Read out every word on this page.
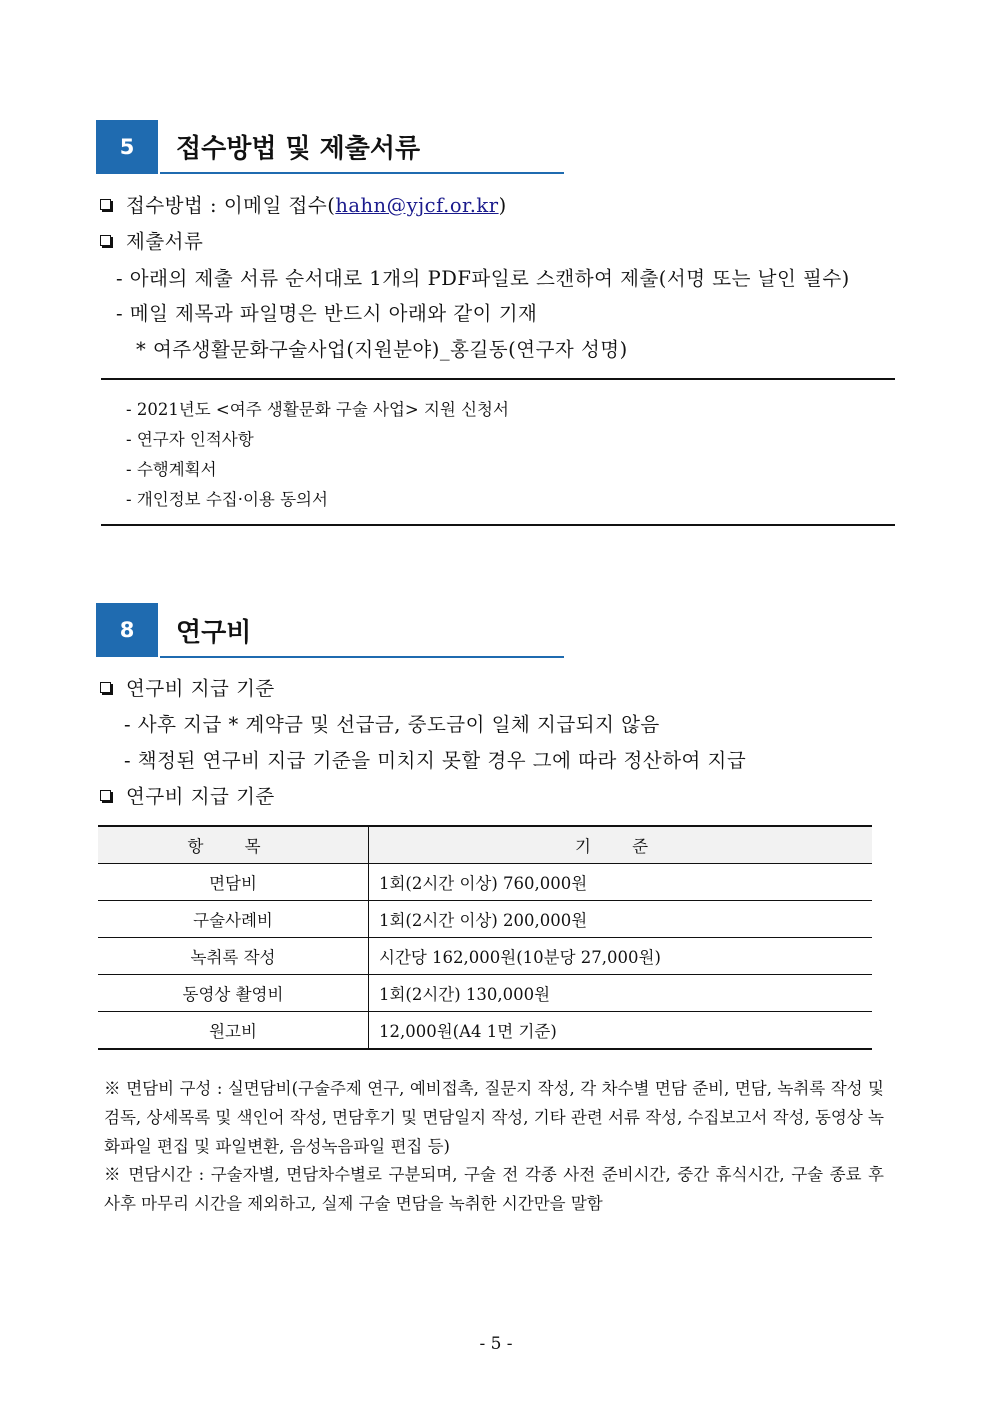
5	접수방법 및 제출서류
접수방법 : 이메일 접수(hahn@yjcf.or.kr)
제출서류
- 아래의 제출 서류 순서대로 1개의 PDF파일로 스캔하여 제출(서명 또는 날인 필수)
- 메일 제목과 파일명은 반드시 아래와 같이 기재
* 여주생활문화구술사업(지원분야)_홍길동(연구자 성명)
- 2021년도 <여주 생활문화 구술 사업> 지원 신청서
- 연구자 인적사항
- 수행계획서
- 개인정보 수집·이용 동의서
8	연구비
연구비 지급 기준
- 사후 지급 * 계약금 및 선급금, 중도금이 일체 지급되지 않음
- 책정된 연구비 지급 기준을 미치지 못할 경우 그에 따라 정산하여 지급
연구비 지급 기준
항 목	기 준
면담비	1회(2시간 이상) 760,000원
구술사례비	1회(2시간 이상) 200,000원
녹취록 작성	시간당 162,000원(10분당 27,000원)
동영상 촬영비	1회(2시간) 130,000원
원고비	12,000원(A4 1면 기준)
※ 면담비 구성 : 실면담비(구술주제 연구, 예비접촉, 질문지 작성, 각 차수별 면담 준비, 면담, 녹취록 작성 및 검독, 상세목록 및 색인어 작성, 면담후기 및 면담일지 작성, 기타 관련 서류 작성, 수집보고서 작성, 동영상 녹화파일 편집 및 파일변환, 음성녹음파일 편집 등)
※ 면담시간 : 구술자별, 면담차수별로 구분되며, 구술 전 각종 사전 준비시간, 중간 휴식시간, 구술 종료 후 사후 마무리 시간을 제외하고, 실제 구술 면담을 녹취한 시간만을 말함
- 5 -
